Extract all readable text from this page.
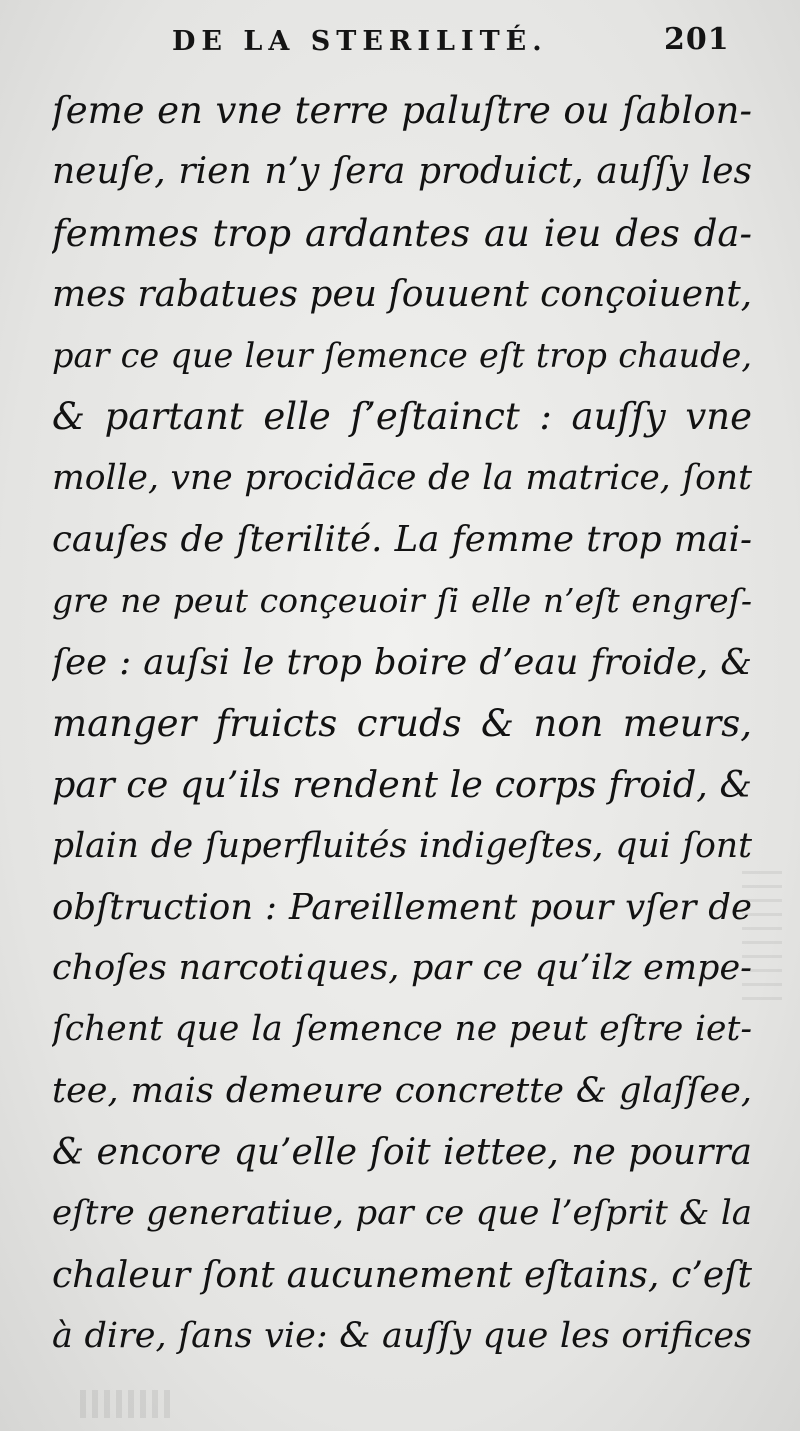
DE LA STERILITÉ.	201
ſeme en vne terre paluſtre ou ſablon-
neuſe, rien n’y ſera produict, auſſy les
femmes trop ardantes au ieu des da-
mes rabatues peu ſouuent conçoiuent,
par ce que leur ſemence eſt trop chaude,
& partant elle ſ’eſtainct : auſſy vne
molle, vne procidāce de la matrice, ſont
cauſes de ſterilité. La femme trop mai-
gre ne peut conçeuoir ſi elle n’eſt engreſ-
ſee : auſsi le trop boire d’eau froide, &
manger fruicts cruds & non meurs,
par ce qu’ils rendent le corps froid, &
plain de ſuperfluités indigeſtes, qui ſont
obſtruction : Pareillement pour vſer de
choſes narcotiques, par ce qu’ilz empe-
ſchent que la ſemence ne peut eſtre iet-
tee, mais demeure concrette & glaſſee,
& encore qu’elle ſoit iettee, ne pourra
eſtre generatiue, par ce que l’eſprit & la
chaleur ſont aucunement eſtains, c’eſt
à dire, ſans vie: & auſſy que les orifices
